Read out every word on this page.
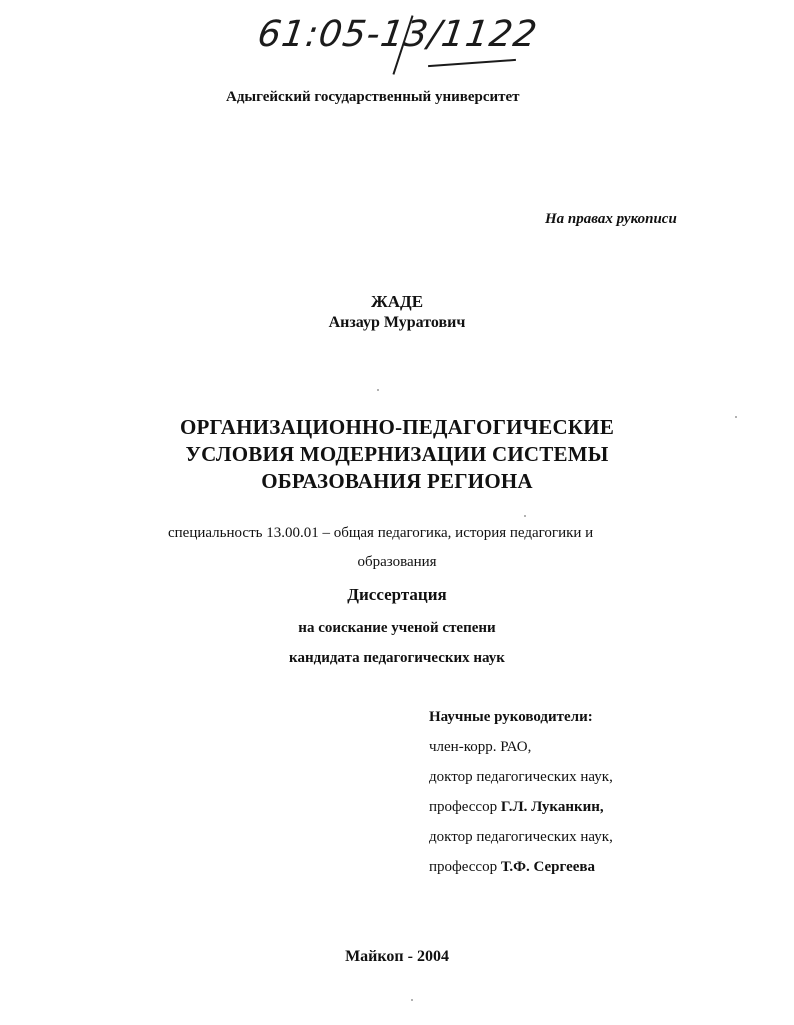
61:05-13/1122
Адыгейский государственный университет
На правах рукописи
ЖАДЕ
Анзаур Муратович
ОРГАНИЗАЦИОННО-ПЕДАГОГИЧЕСКИЕ
УСЛОВИЯ МОДЕРНИЗАЦИИ СИСТЕМЫ
ОБРАЗОВАНИЯ РЕГИОНА
специальность 13.00.01 – общая педагогика, история педагогики и
образования
Диссертация
на соискание ученой степени
кандидата педагогических наук
Научные руководители:
член-корр. РАО,
доктор педагогических наук,
профессор Г.Л. Луканкин,
доктор педагогических наук,
профессор Т.Ф. Сергеева
Майкоп - 2004
